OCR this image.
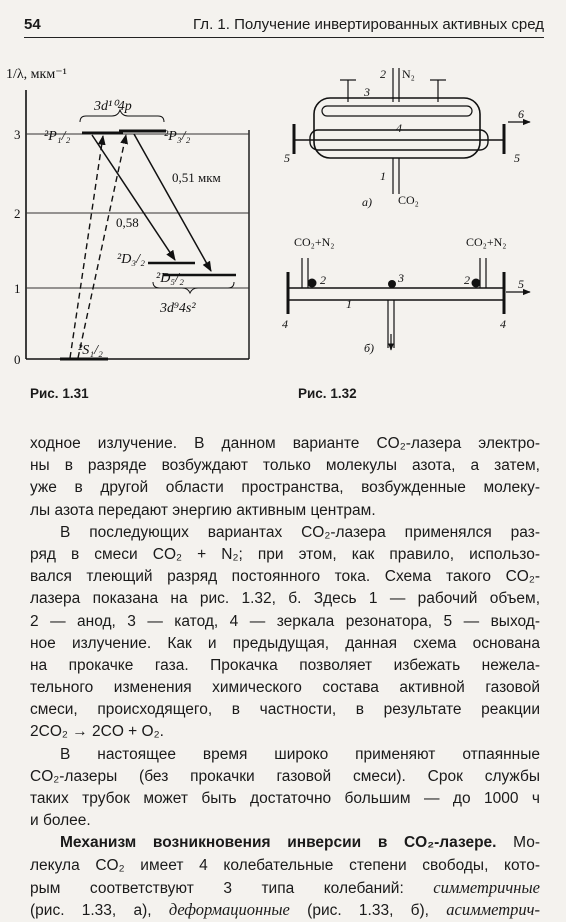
54	Гл. 1. Получение инвертированных активных сред
1/λ, мкм⁻¹
0
1
2
3
3d¹⁰4p
²P₁/₂	²P₃/₂
²D₃/₂
²D₅/₂
3d⁹4s²
²S₁/₂
0,51 мкм
0,58
Рис. 1.31
N₂
2
3
4
5	5
6
1
CO₂
а)
CO₂+N₂	CO₂+N₂
2	3	2
1
4	4
5
б)
Рис. 1.32
ходное излучение. В данном варианте CO₂-лазера электро-
ны в разряде возбуждают только молекулы азота, а затем,
уже в другой области пространства, возбужденные молеку-
лы азота передают энергию активным центрам.
В последующих вариантах CO₂-лазера применялся раз-
ряд в смеси CO₂ + N₂; при этом, как правило, использо-
вался тлеющий разряд постоянного тока. Схема такого CO₂-
лазера показана на рис. 1.32, б. Здесь 1 — рабочий объем,
2 — анод, 3 — катод, 4 — зеркала резонатора, 5 — выход-
ное излучение. Как и предыдущая, данная схема основана
на прокачке газа. Прокачка позволяет избежать нежела-
тельного изменения химического состава активной газовой
смеси, происходящего, в частности, в результате реакции
2CO₂ → 2CO + O₂.
В настоящее время широко применяют отпаянные
CO₂-лазеры (без прокачки газовой смеси). Срок службы
таких трубок может быть достаточно большим — до 1000 ч
и более.
Механизм возникновения инверсии в CO₂-лазере. Мо-
лекула CO₂ имеет 4 колебательные степени свободы, кото-
рым соответствуют 3 типа колебаний: симметричные
(рис. 1.33, а), деформационные (рис. 1.33, б), асимметрич-
